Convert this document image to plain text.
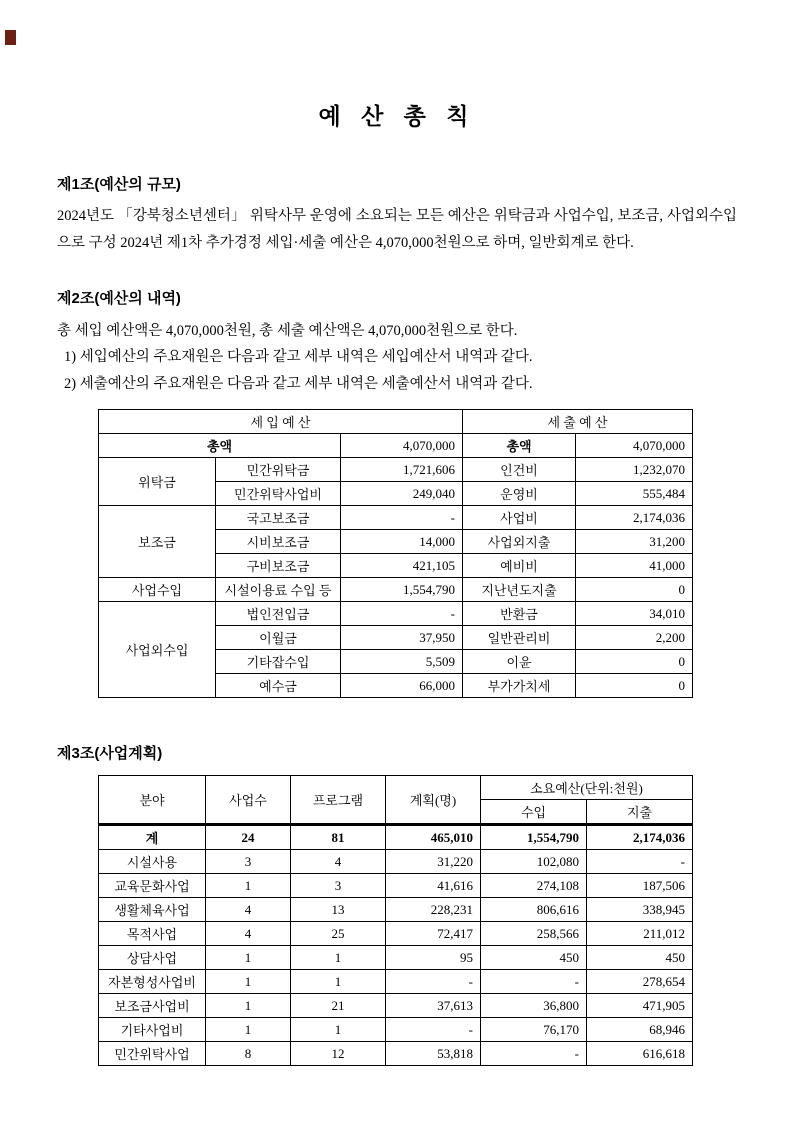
예 산 총 칙
제1조(예산의 규모)
2024년도 「강북청소년센터」 위탁사무 운영에 소요되는 모든 예산은 위탁금과 사업수입, 보조금, 사업외수입으로 구성 2024년 제1차 추가경정 세입·세출 예산은 4,070,000천원으로 하며, 일반회계로 한다.
제2조(예산의 내역)
총 세입 예산액은 4,070,000천원, 총 세출 예산액은 4,070,000천원으로 한다.
1) 세입예산의 주요재원은 다음과 같고 세부 내역은 세입예산서 내역과 같다.
2) 세출예산의 주요재원은 다음과 같고 세부 내역은 세출예산서 내역과 같다.
세 입 예 산			세 출 예 산	
총액		4,070,000	총액	4,070,000
위탁금	민간위탁금	1,721,606	인건비	1,232,070
	민간위탁사업비	249,040	운영비	555,484
보조금	국고보조금	-	사업비	2,174,036
	시비보조금	14,000	사업외지출	31,200
	구비보조금	421,105	예비비	41,000
사업수입	시설이용료 수입 등	1,554,790	지난년도지출	0
사업외수입	법인전입금	-	반환금	34,010
	이월금	37,950	일반관리비	2,200
	기타잡수입	5,509	이윤	0
	예수금	66,000	부가가치세	0
제3조(사업계획)
분야	사업수	프로그램	계획(명)	소요예산(단위:천원)	
				수입	지출
계	24	81	465,010	1,554,790	2,174,036
시설사용	3	4	31,220	102,080	-
교육문화사업	1	3	41,616	274,108	187,506
생활체육사업	4	13	228,231	806,616	338,945
목적사업	4	25	72,417	258,566	211,012
상담사업	1	1	95	450	450
자본형성사업비	1	1	-	-	278,654
보조금사업비	1	21	37,613	36,800	471,905
기타사업비	1	1	-	76,170	68,946
민간위탁사업	8	12	53,818	-	616,618
